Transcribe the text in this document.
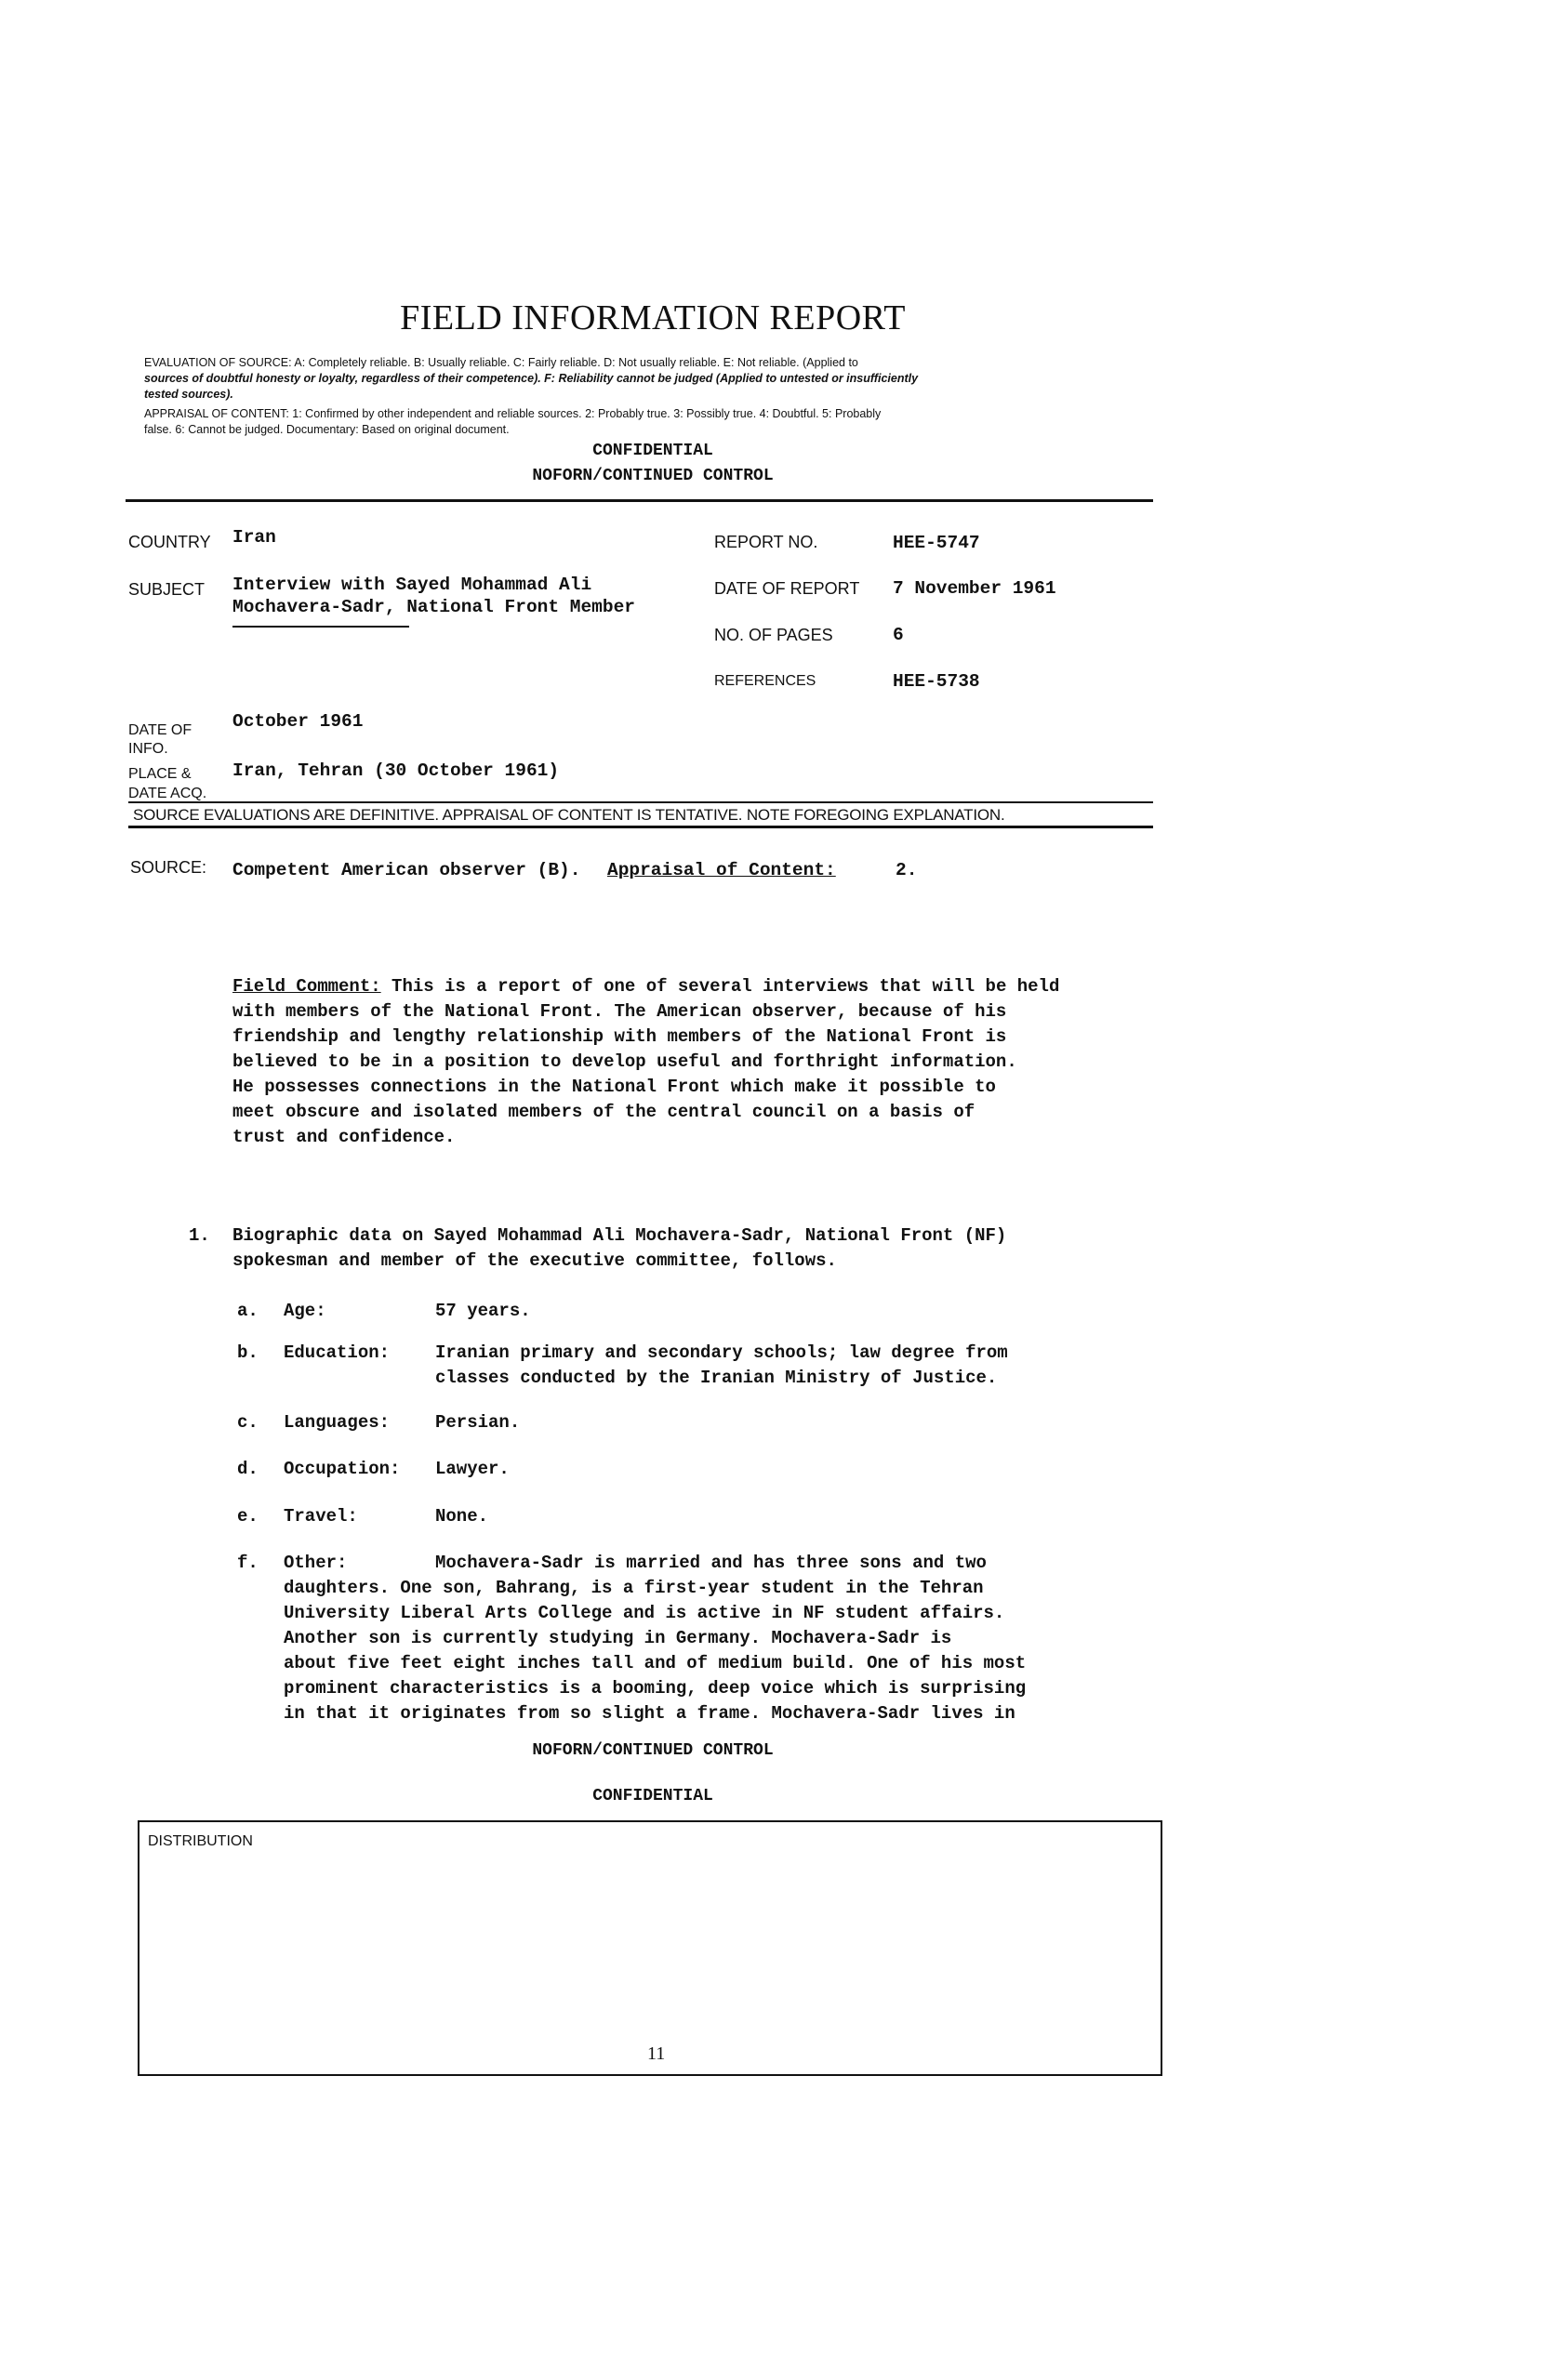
FIELD INFORMATION REPORT
EVALUATION OF SOURCE: A: Completely reliable. B: Usually reliable. C: Fairly reliable. D: Not usually reliable. E: Not reliable. (Applied to
sources of doubtful honesty or loyalty, regardless of their competence). F: Reliability cannot be judged (Applied to untested or insufficiently
tested sources).
APPRAISAL OF CONTENT: 1: Confirmed by other independent and reliable sources. 2: Probably true. 3: Possibly true. 4: Doubtful. 5: Probably
false. 6: Cannot be judged. Documentary: Based on original document.
CONFIDENTIAL
NOFORN/CONTINUED CONTROL
COUNTRY Iran
SUBJECT Interview with Sayed Mohammad Ali
Mochavera-Sadr, National Front Member
REPORT NO.	HEE-5747
DATE OF REPORT 7 November 1961
NO. OF PAGES	6
REFERENCES	HEE-5738
DATE OF
INFO.
October 1961
PLACE &
DATE ACQ.
Iran, Tehran (30 October 1961)
SOURCE EVALUATIONS ARE DEFINITIVE. APPRAISAL OF CONTENT IS TENTATIVE. NOTE FOREGOING EXPLANATION.
SOURCE: Competent American observer (B). Appraisal of Content:	2.
Field Comment: This is a report of one of several interviews that will be held
with members of the National Front. The American observer, because of his
friendship and lengthy relationship with members of the National Front is
believed to be in a position to develop useful and forthright information.
He possesses connections in the National Front which make it possible to
meet obscure and isolated members of the central council on a basis of
trust and confidence.
1. Biographic data on Sayed Mohammad Ali Mochavera-Sadr, National Front (NF)
spokesman and member of the executive committee, follows.
a. Age:	57 years.
b. Education:	Iranian primary and secondary schools; law degree from
classes conducted by the Iranian Ministry of Justice.
c. Languages:	Persian.
d. Occupation: Lawyer.
e. Travel:	None.
f. Other:	Mochavera-Sadr is married and has three sons and two
daughters. One son, Bahrang, is a first-year student in the Tehran
University Liberal Arts College and is active in NF student affairs.
Another son is currently studying in Germany. Mochavera-Sadr is
about five feet eight inches tall and of medium build. One of his most
prominent characteristics is a booming, deep voice which is surprising
in that it originates from so slight a frame. Mochavera-Sadr lives in
NOFORN/CONTINUED CONTROL
CONFIDENTIAL
DISTRIBUTION
11
